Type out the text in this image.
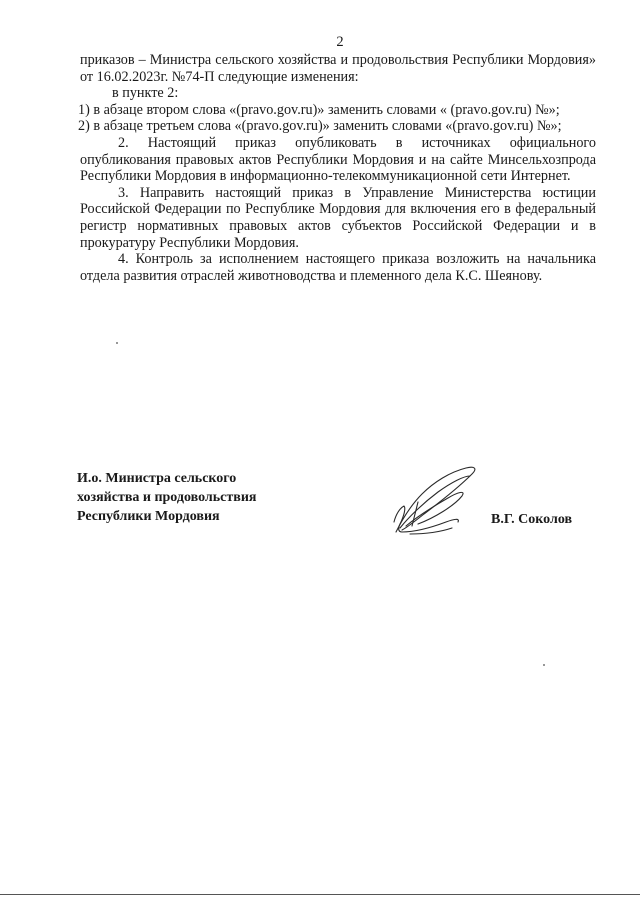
2

приказов – Министра сельского хозяйства и продовольствия Республики Мордовия» от 16.02.2023г. №74-П следующие изменения:

в пункте 2:

1) в абзаце втором слова «(pravo.gov.ru)» заменить словами « (pravo.gov.ru) №»;

2) в абзаце третьем слова «(pravo.gov.ru)» заменить словами «(pravo.gov.ru) №»;

2. Настоящий приказ опубликовать в источниках официального опубликования правовых актов Республики Мордовия и на сайте Минсельхозпрода Республики Мордовия в информационно-телекоммуникационной сети Интернет.

3. Направить настоящий приказ в Управление Министерства юстиции Российской Федерации по Республике Мордовия для включения его в федеральный регистр нормативных правовых актов субъектов Российской Федерации и в прокуратуру Республики Мордовия.

4. Контроль за исполнением настоящего приказа возложить на начальника отдела развития отраслей животноводства и племенного дела К.С. Шеянову.

И.о. Министра сельского
хозяйства и продовольствия
Республики Мордовия	В.Г. Соколов
